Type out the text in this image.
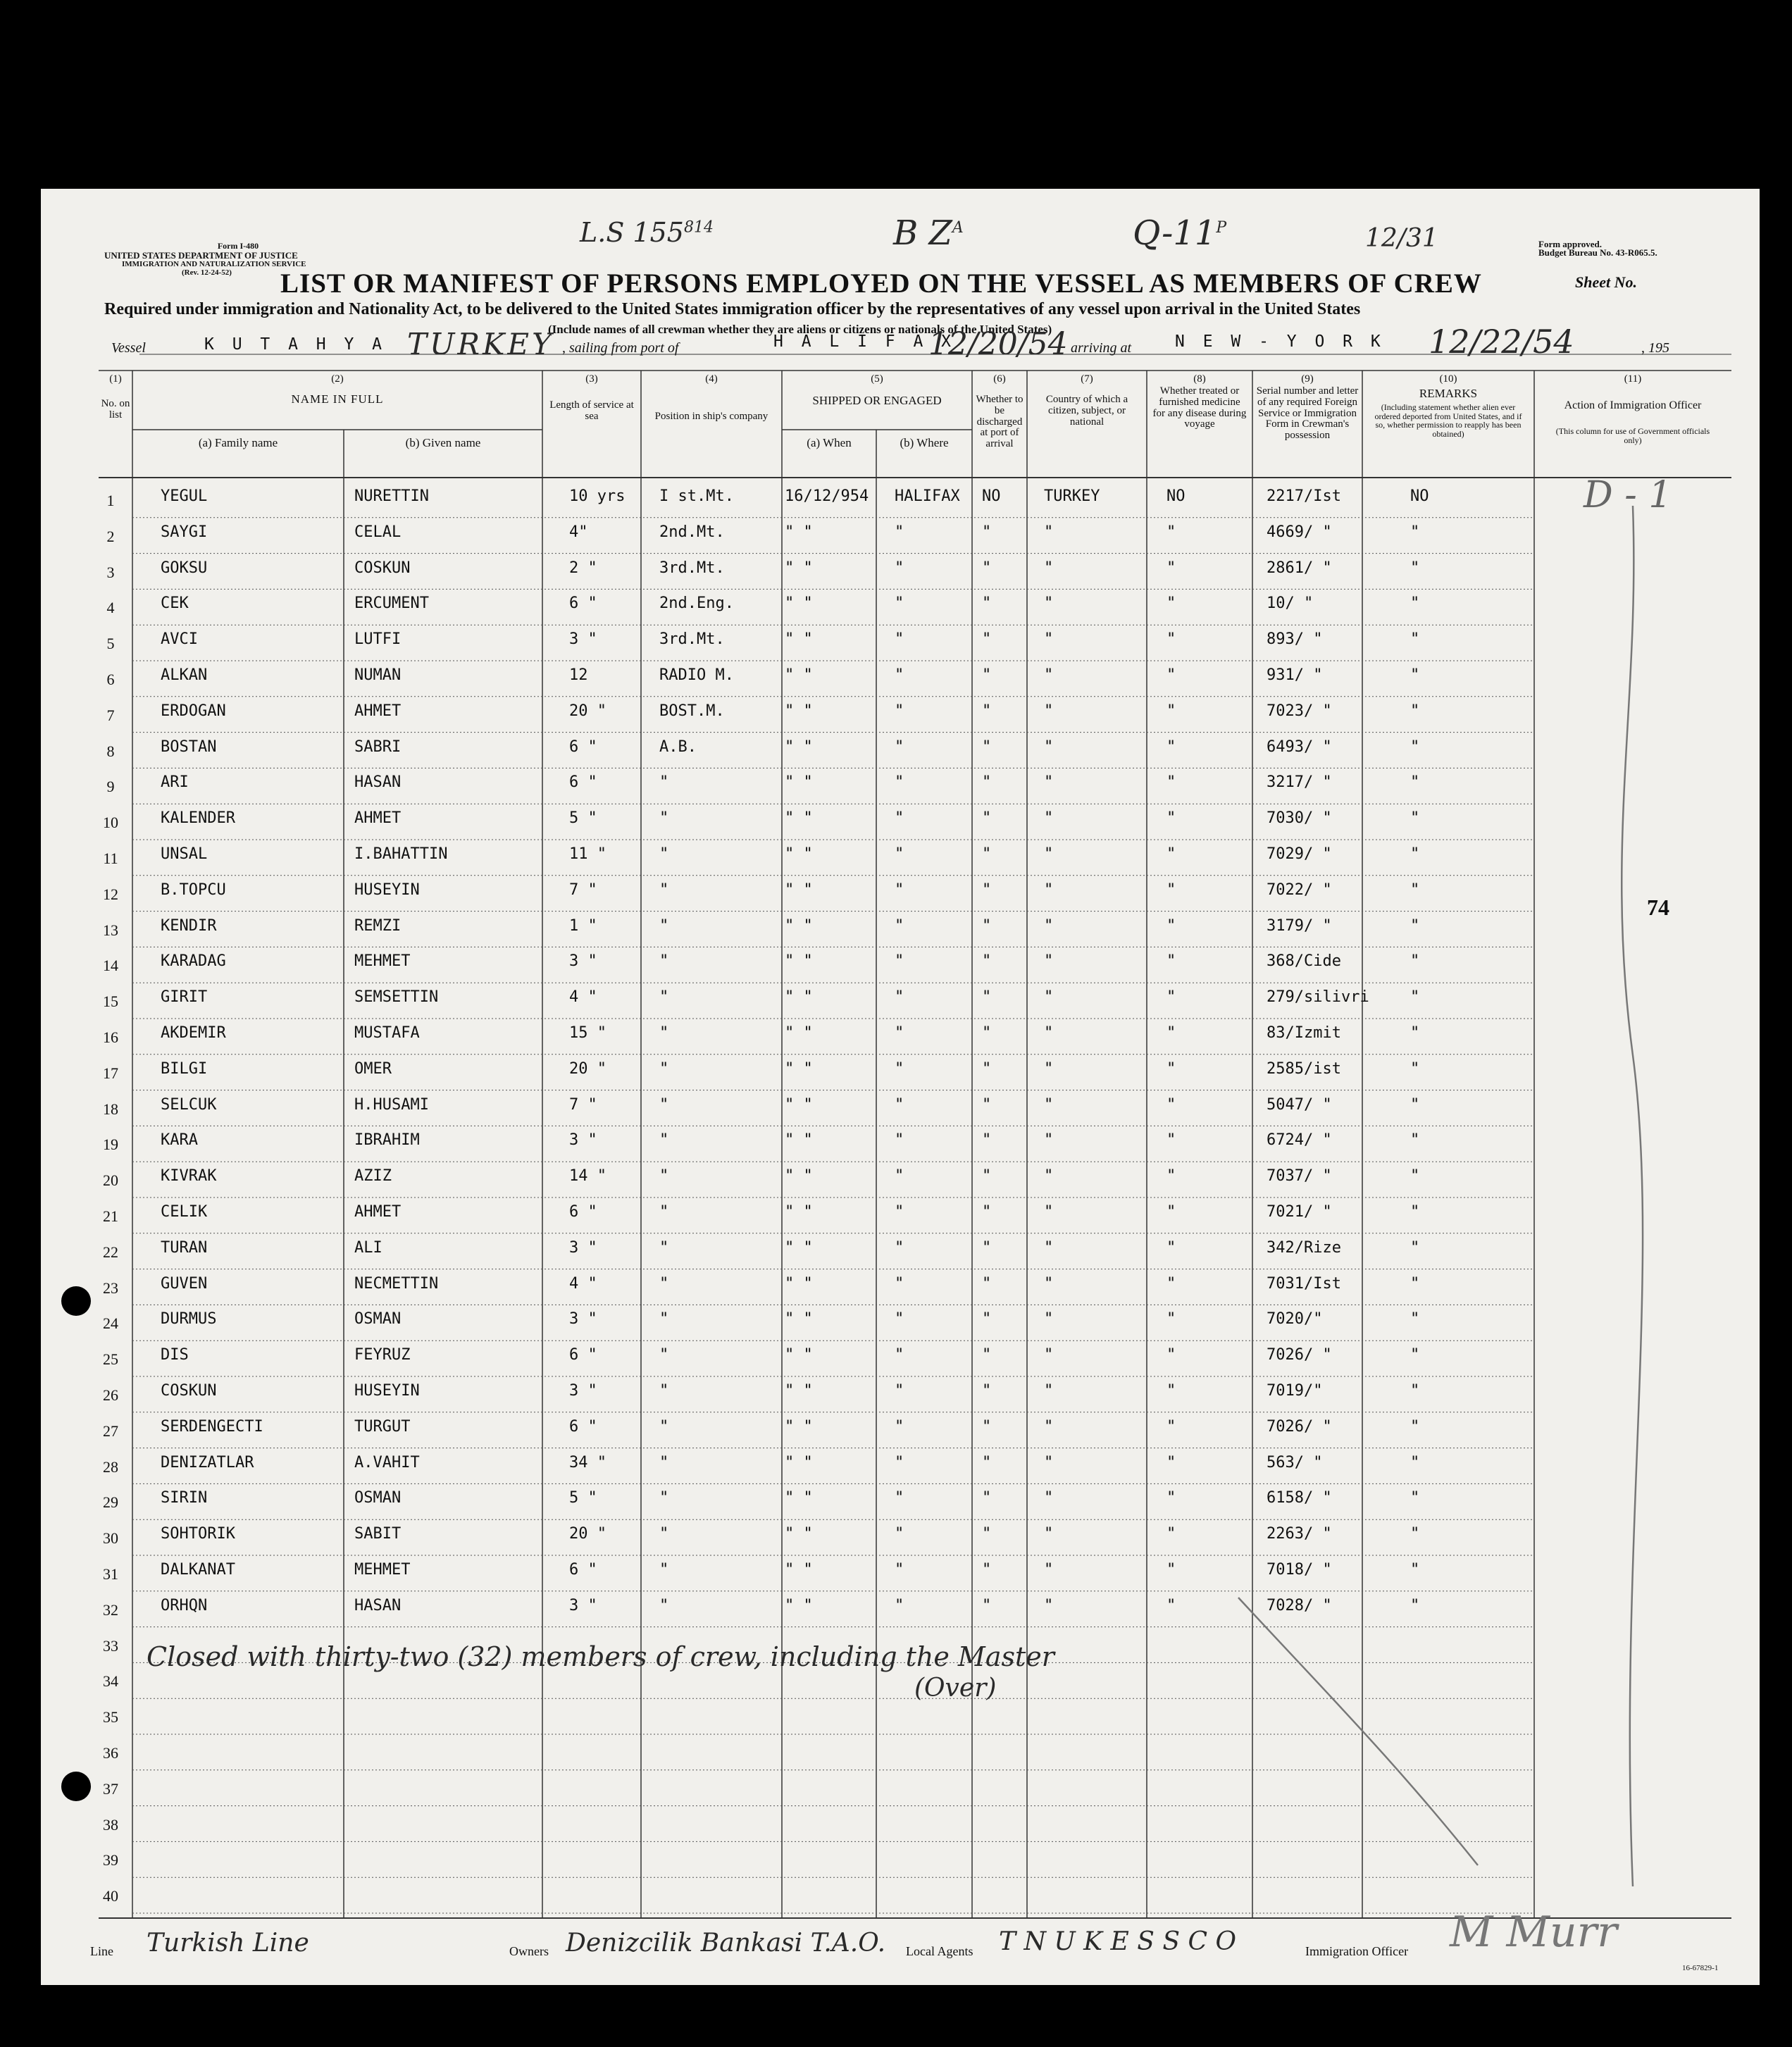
Form I-480
UNITED STATES DEPARTMENT OF JUSTICE
IMMIGRATION AND NATURALIZATION SERVICE
(Rev. 12-24-52)
Form approved.
Budget Bureau No. 43-R065.5.
Sheet No.
L.S $155^{814}$	B $Z^A$	$Q-11^P$	12/31
LIST OR MANIFEST OF PERSONS EMPLOYED ON THE VESSEL AS MEMBERS OF CREW
Required under immigration and Nationality Act, to be delivered to the United States immigration officer by the representatives of any vessel upon arrival in the United States
(Include names of all crewman whether they are aliens or citizens or nationals of the United States)
Vessel	K U T A H Y A TURKEY , sailing from port of	H A L I F A X
12/20/54 arriving at	N E W - Y O R K 12/22/54	, 195
(1)
No. on list
(2)
NAME IN FULL
(a) Family name	(b) Given name
(3)
Length of service at sea
(4)
Position in ship's company
(5)
SHIPPED OR ENGAGED
(a) When	(b) Where
(6)
Whether to be discharged at port of arrival
(7)
Country of which a citizen, subject, or national
(8)
Whether treated or furnished medicine for any disease during voyage
(9)
Serial number and letter of any required Foreign Service or Immigration Form in Crewman's possession
(10)
REMARKS
(Including statement whether alien ever ordered deported from United States, and if so, whether permission to reapply has been obtained)
(11)
Action of Immigration Officer
(This column for use of Government officials only)
1	YEGUL	NURETTIN	10 yrs I st.Mt.	16/12/954 HALIFAX NO	TURKEY	NO	2217/Ist	NO
2	SAYGI	CELAL	4"	2nd.Mt.	" "	"	"	"	"	4669/ "	"
3	GOKSU	COSKUN	2 "	3rd.Mt.	" "	"	"	"	"	2861/ "	"
4	CEK	ERCUMENT	6 "	2nd.Eng.	" "	"	"	"	"	10/ "	"
5	AVCI	LUTFI	3 "	3rd.Mt.	" "	"	"	"	"	893/ "	"
6	ALKAN	NUMAN	12	RADIO M.	" "	"	"	"	"	931/ "	"
7	ERDOGAN	AHMET	20 "	BOST.M.	" "	"	"	"	"	7023/ "	"
8	BOSTAN	SABRI	6 "	A.B.	" "	"	"	"	"	6493/ "	"
9	ARI	HASAN	6 "	"	" "	"	"	"	"	3217/ "	"
10	KALENDER	AHMET	5 "	"	" "	"	"	"	"	7030/ "	"
11	UNSAL	I.BAHATTIN	11 "	"	" "	"	"	"	"	7029/ "	"
12	B.TOPCU	HUSEYIN	7 "	"	" "	"	"	"	"	7022/ "	"
13	KENDIR	REMZI	1 "	"	" "	"	"	"	"	3179/ "	"
14	KARADAG	MEHMET	3 "	"	" "	"	"	"	"	368/Cide	"
15	GIRIT	SEMSETTIN	4 "	"	" "	"	"	"	"	279/silivri	"
16	AKDEMIR	MUSTAFA	15 "	"	" "	"	"	"	"	83/Izmit	"
17	BILGI	OMER	20 "	"	" "	"	"	"	"	2585/ist	"
18	SELCUK	H.HUSAMI	7 "	"	" "	"	"	"	"	5047/ "	"
19	KARA	IBRAHIM	3 "	"	" "	"	"	"	"	6724/ "	"
20	KIVRAK	AZIZ	14 "	"	" "	"	"	"	"	7037/ "	"
21	CELIK	AHMET	6 "	"	" "	"	"	"	"	7021/ "	"
22	TURAN	ALI	3 "	"	" "	"	"	"	"	342/Rize	"
23	GUVEN	NECMETTIN	4 "	"	" "	"	"	"	"	7031/Ist	"
24	DURMUS	OSMAN	3 "	"	" "	"	"	"	"	7020/"	"
25	DIS	FEYRUZ	6 "	"	" "	"	"	"	"	7026/ "	"
26	COSKUN	HUSEYIN	3 "	"	" "	"	"	"	"	7019/"	"
27	SERDENGECTI	TURGUT	6 "	"	" "	"	"	"	"	7026/ "	"
28	DENIZATLAR	A.VAHIT	34 "	"	" "	"	"	"	"	563/ "	"
29	SIRIN	OSMAN	5 "	"	" "	"	"	"	"	6158/ "	"
30	SOHTORIK	SABIT	20 "	"	" "	"	"	"	"	2263/ "	"
31	DALKANAT	MEHMET	6 "	"	" "	"	"	"	"	7018/ "	"
32	ORHQN	HASAN	3 "	"	" "	"	"	"	"	7028/ "	"
33
34
35
36
37
38
39
40
Closed with thirty-two (32) members of crew, including the Master
(Over)
D - 1
74
Line Turkish Line	Owners Denizcilik Bankasi T.A.O. Local Agents T N U K E S S C O	Immigration Officer M Murr
16-67829-1
